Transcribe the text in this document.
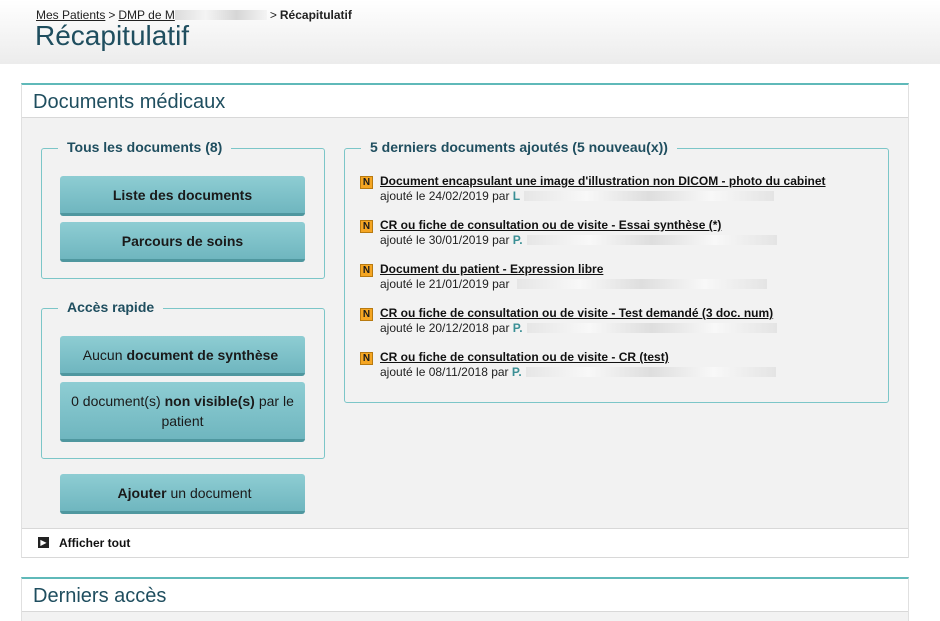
Mes Patients > DMP de M	> Récapitulatif
Récapitulatif
Documents médicaux
Tous les documents (8)
Liste des documents
Parcours de soins
Accès rapide
Aucun document de synthèse
0 document(s) non visible(s) par le patient
Ajouter un document
5 derniers documents ajoutés (5 nouveau(x))
N Document encapsulant une image d'illustration non DICOM - photo du cabinet
ajouté le 24/02/2019 par L
N CR ou fiche de consultation ou de visite - Essai synthèse (*)
ajouté le 30/01/2019 par P.
N Document du patient - Expression libre
ajouté le 21/01/2019 par
N CR ou fiche de consultation ou de visite - Test demandé (3 doc. num)
ajouté le 20/12/2018 par P.
N CR ou fiche de consultation ou de visite - CR (test)
ajouté le 08/11/2018 par P.
▶ Afficher tout
Derniers accès
